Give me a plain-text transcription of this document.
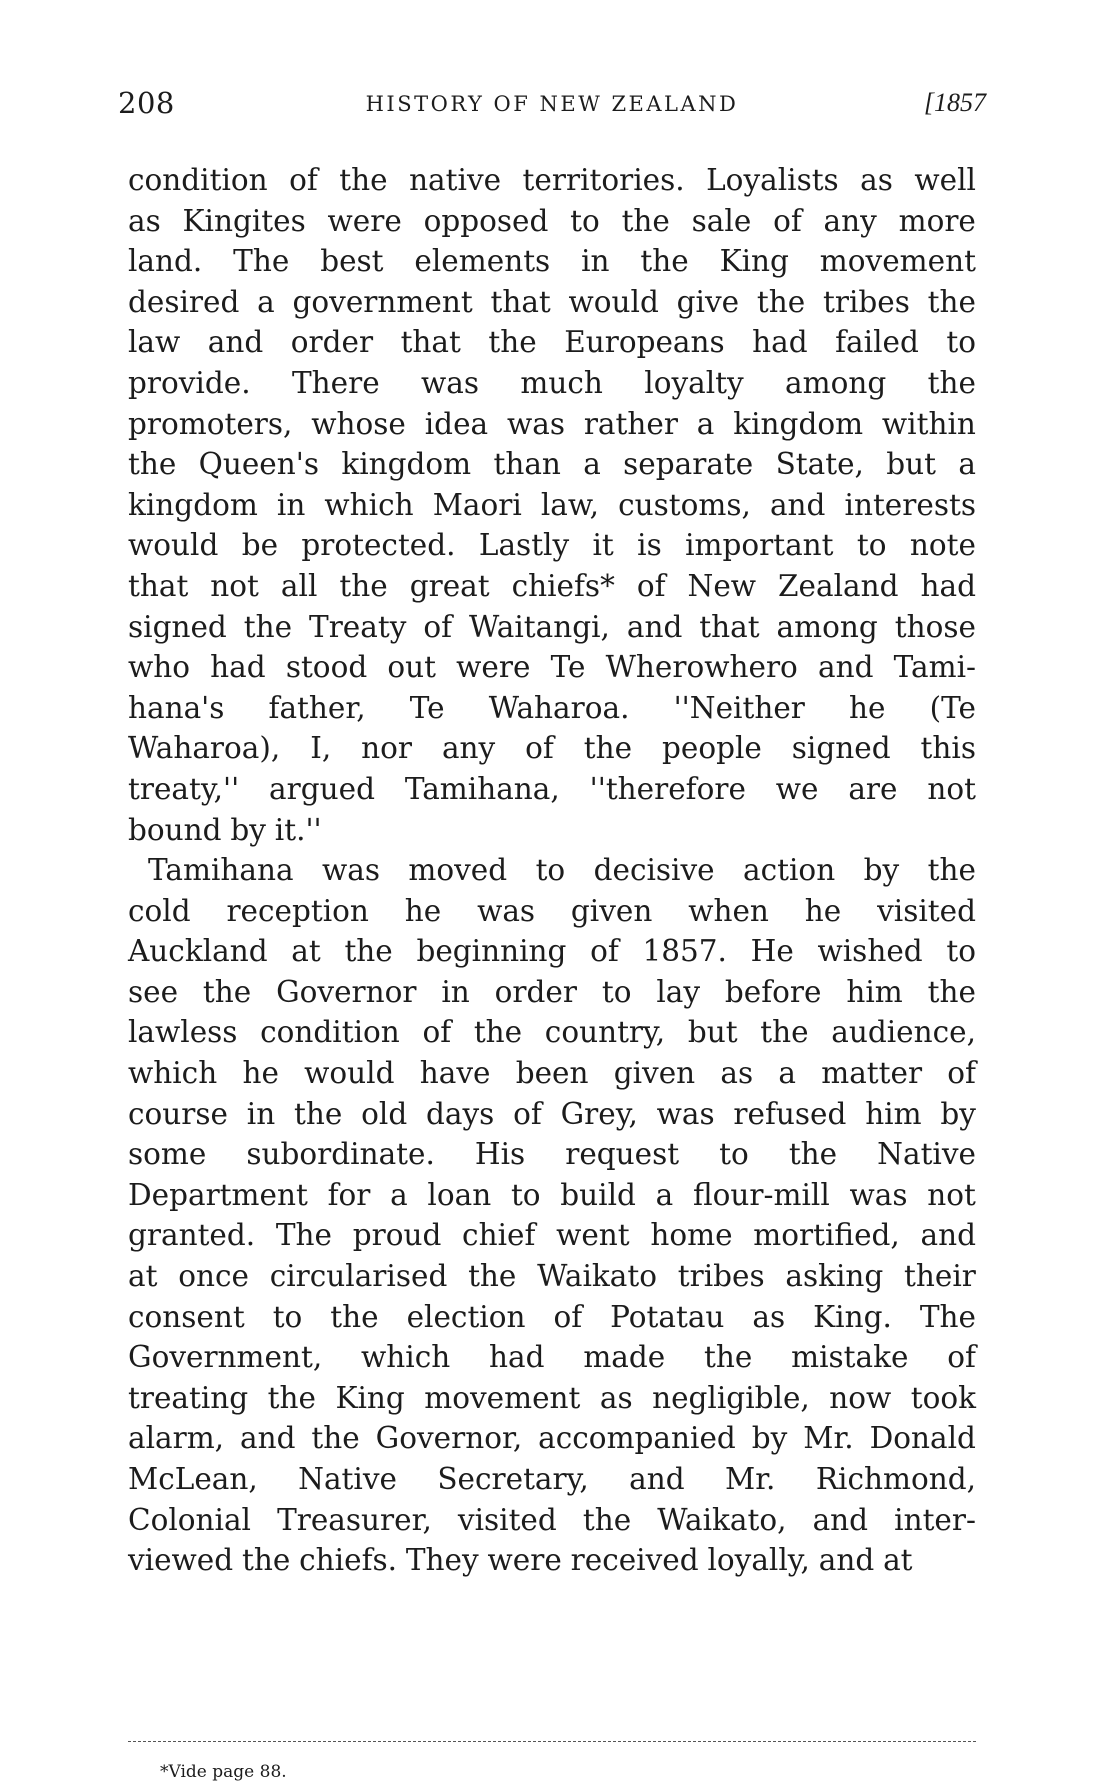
208	HISTORY OF NEW ZEALAND	[1857
condition of the native territories. Loyalists as well
as Kingites were opposed to the sale of any more
land. The best elements in the King movement
desired a government that would give the tribes the
law and order that the Europeans had failed to
provide. There was much loyalty among the
promoters, whose idea was rather a kingdom within
the Queen's kingdom than a separate State, but a
kingdom in which Maori law, customs, and interests
would be protected. Lastly it is important to note
that not all the great chiefs* of New Zealand had
signed the Treaty of Waitangi, and that among those
who had stood out were Te Wherowhero and Tami-
hana's father, Te Waharoa. ''Neither he (Te
Waharoa), I, nor any of the people signed this
treaty,'' argued Tamihana, ''therefore we are not
bound by it.''
Tamihana was moved to decisive action by the
cold reception he was given when he visited
Auckland at the beginning of 1857. He wished to
see the Governor in order to lay before him the
lawless condition of the country, but the audience,
which he would have been given as a matter of
course in the old days of Grey, was refused him by
some subordinate. His request to the Native
Department for a loan to build a flour-mill was not
granted. The proud chief went home mortified, and
at once circularised the Waikato tribes asking their
consent to the election of Potatau as King. The
Government, which had made the mistake of
treating the King movement as negligible, now took
alarm, and the Governor, accompanied by Mr. Donald
McLean, Native Secretary, and Mr. Richmond,
Colonial Treasurer, visited the Waikato, and inter-
viewed the chiefs. They were received loyally, and at
*Vide page 88.
